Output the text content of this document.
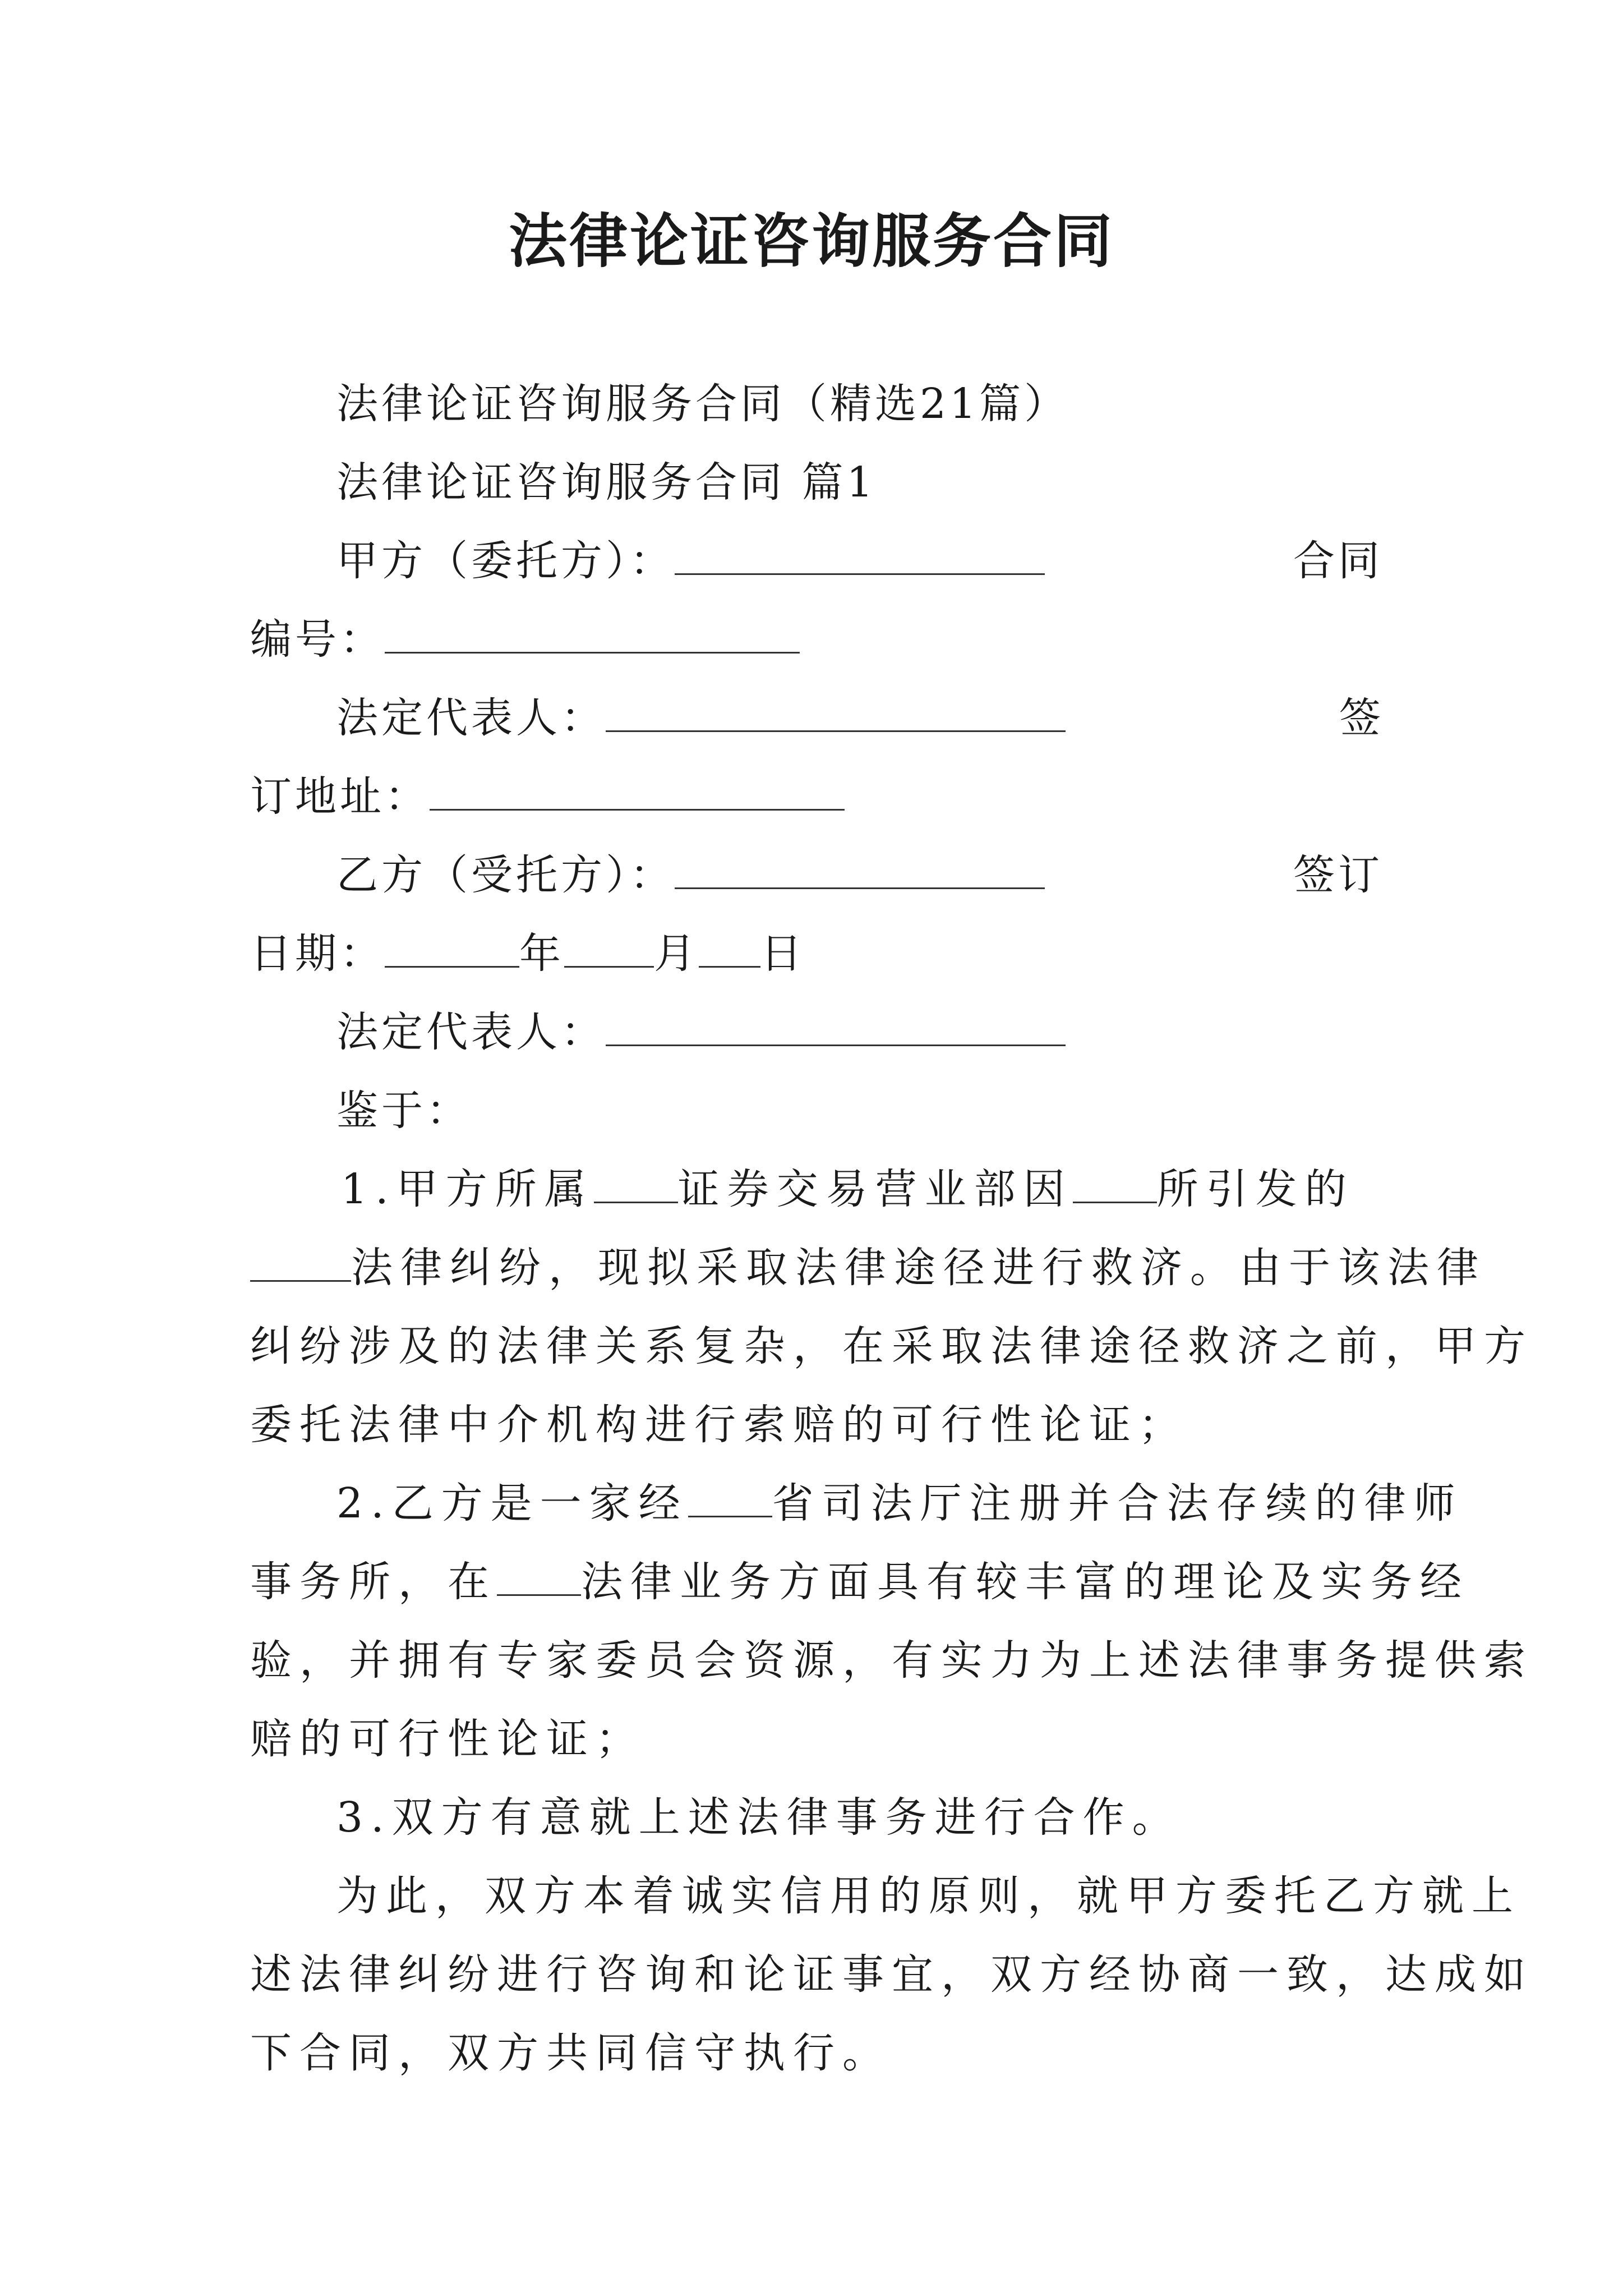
法律论证咨询服务合同
法律论证咨询服务合同（精选21篇）
法律论证咨询服务合同 篇1
甲方（委托方）：	合同
编号：
法定代表人：	签
订地址：
乙方（受托方）：	签订
日期：	年 月 日
法定代表人：
鉴于：
1.甲方所属 证券交易营业部因 所引发的
法律纠纷，现拟采取法律途径进行救济。由于该法律
纠纷涉及的法律关系复杂，在采取法律途径救济之前，甲方
委托法律中介机构进行索赔的可行性论证；
2.乙方是一家经 省司法厅注册并合法存续的律师
事务所，在 法律业务方面具有较丰富的理论及实务经
验，并拥有专家委员会资源，有实力为上述法律事务提供索
赔的可行性论证；
3.双方有意就上述法律事务进行合作。
为此，双方本着诚实信用的原则，就甲方委托乙方就上
述法律纠纷进行咨询和论证事宜，双方经协商一致，达成如
下合同，双方共同信守执行。
